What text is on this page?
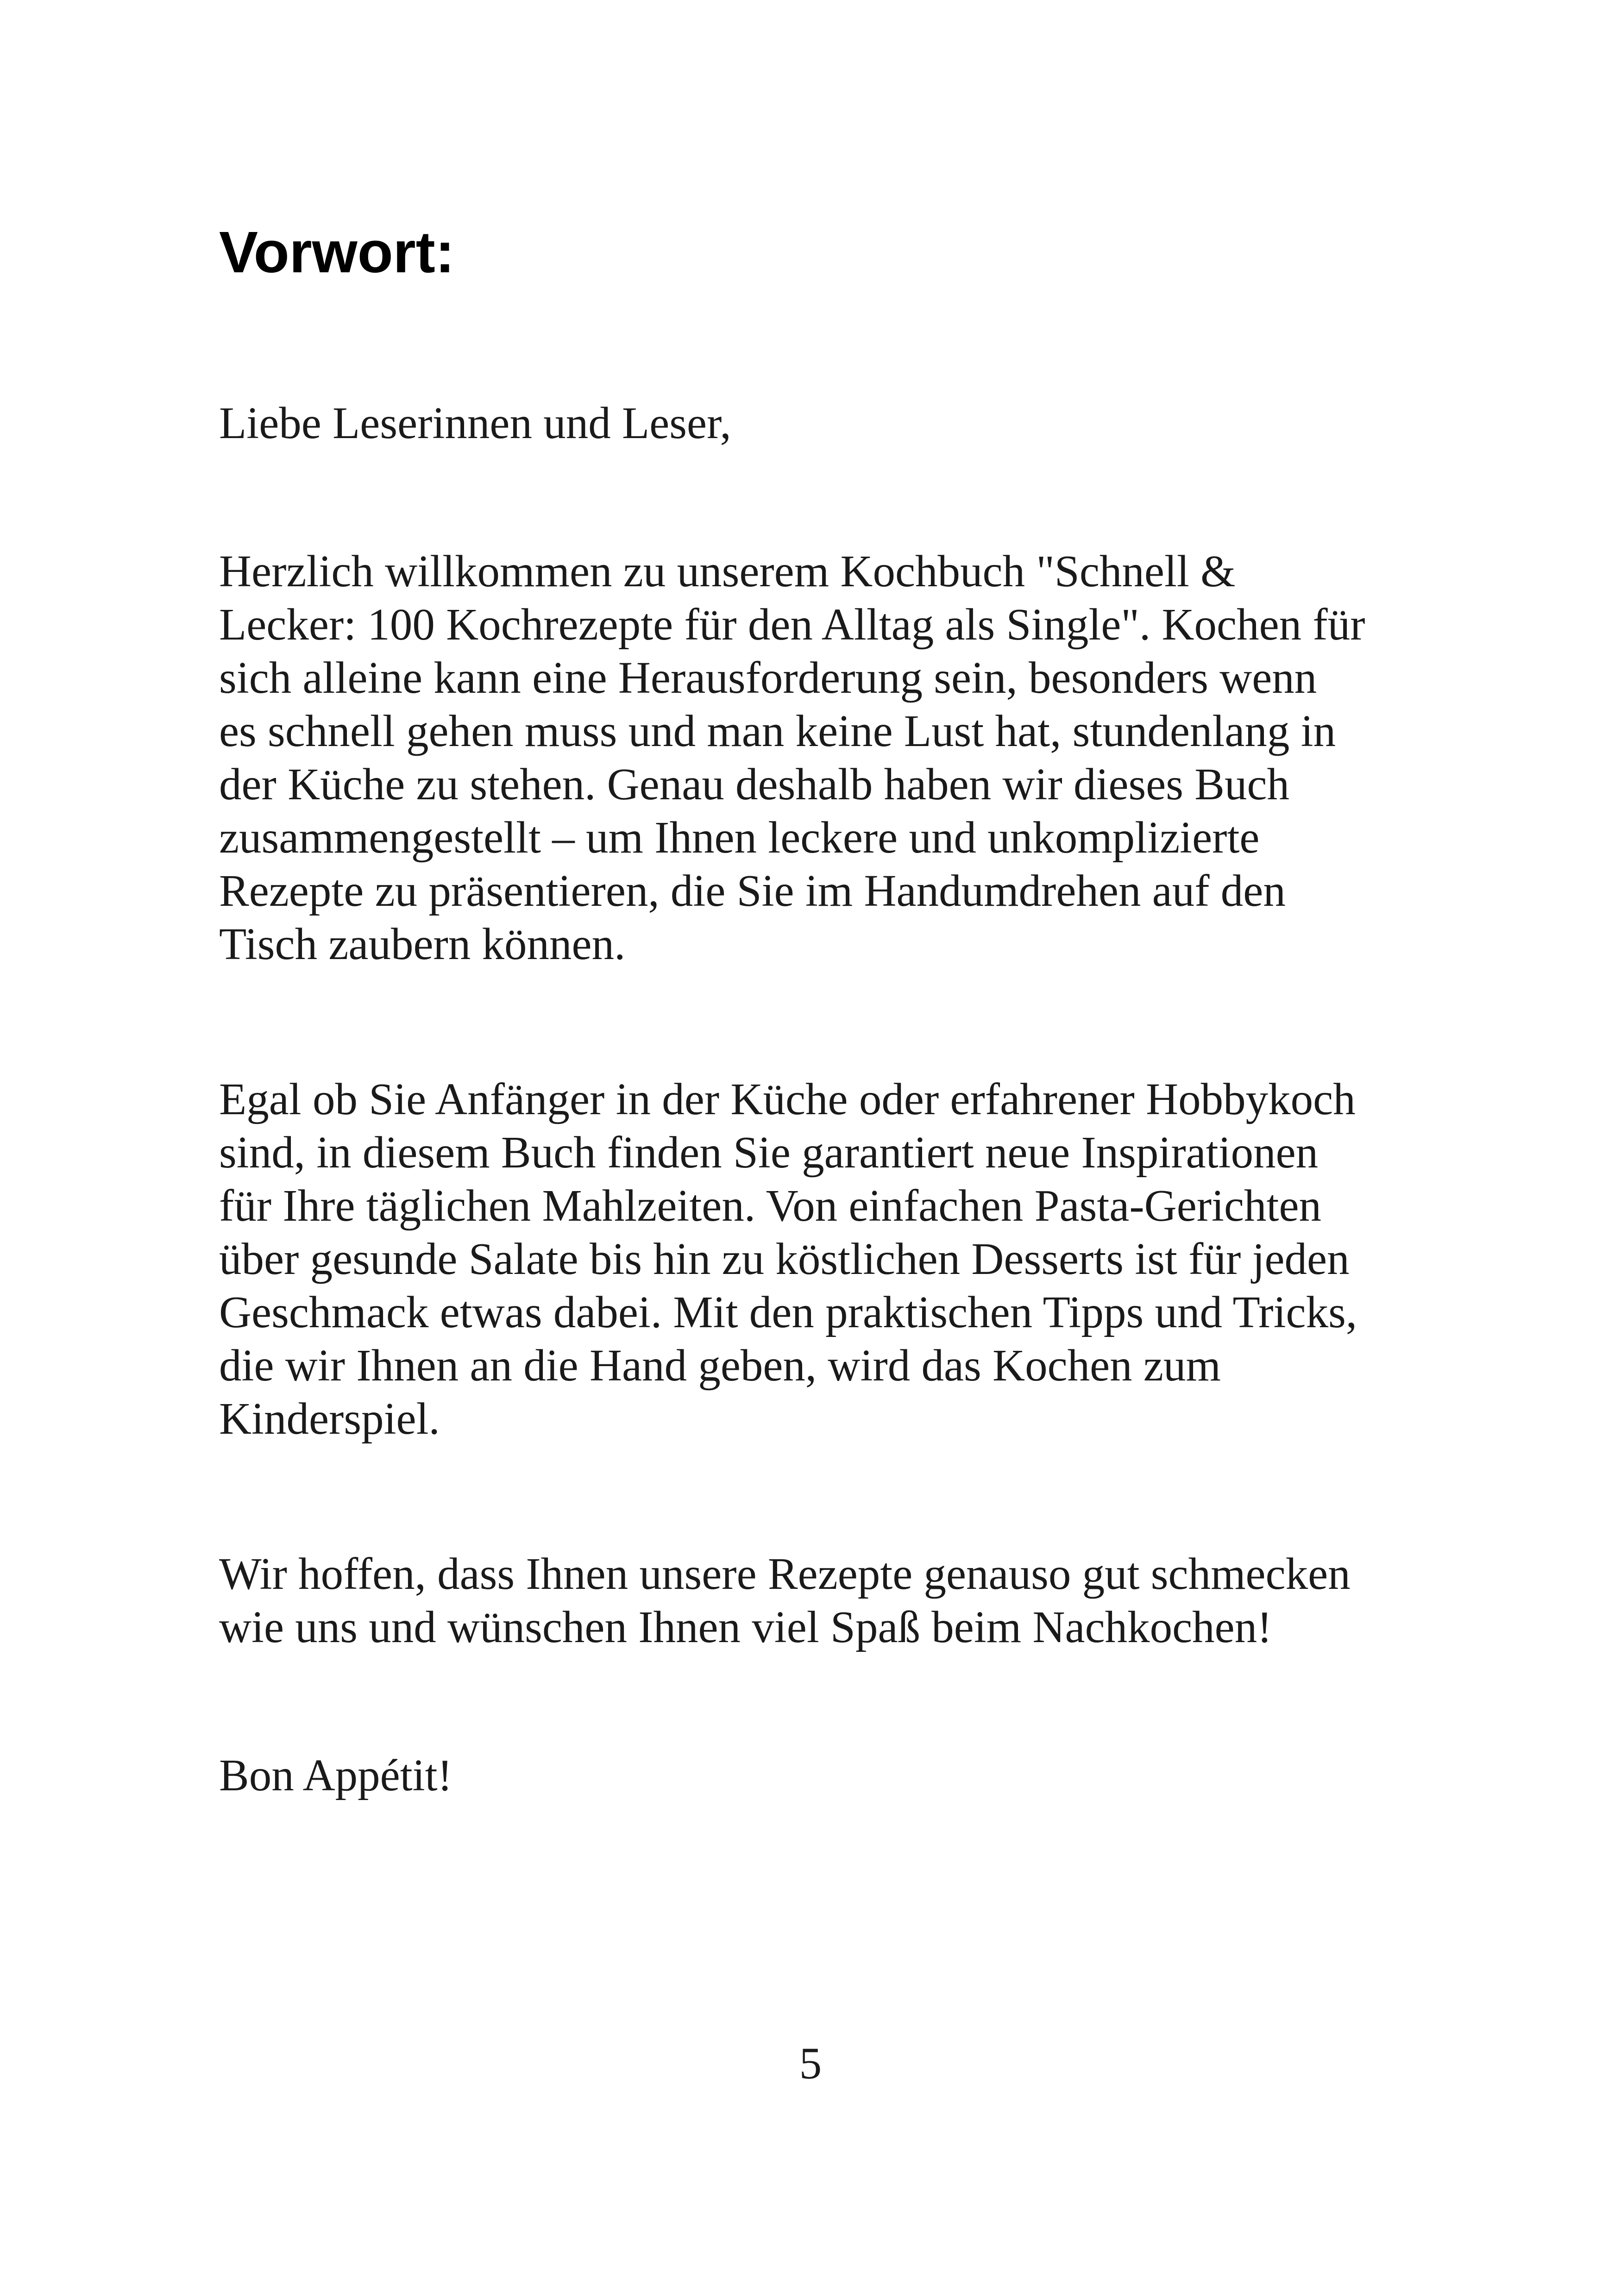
Vorwort:

Liebe Leserinnen und Leser,

Herzlich willkommen zu unserem Kochbuch "Schnell &

Lecker: 100 Kochrezepte für den Alltag als Single". Kochen für

sich alleine kann eine Herausforderung sein, besonders wenn

es schnell gehen muss und man keine Lust hat, stundenlang in

der Küche zu stehen. Genau deshalb haben wir dieses Buch

zusammengestellt – um Ihnen leckere und unkomplizierte

Rezepte zu präsentieren, die Sie im Handumdrehen auf den

Tisch zaubern können.

Egal ob Sie Anfänger in der Küche oder erfahrener Hobbykoch

sind, in diesem Buch finden Sie garantiert neue Inspirationen

für Ihre täglichen Mahlzeiten. Von einfachen Pasta-Gerichten

über gesunde Salate bis hin zu köstlichen Desserts ist für jeden

Geschmack etwas dabei. Mit den praktischen Tipps und Tricks,

die wir Ihnen an die Hand geben, wird das Kochen zum

Kinderspiel.

Wir hoffen, dass Ihnen unsere Rezepte genauso gut schmecken

wie uns und wünschen Ihnen viel Spaß beim Nachkochen!

Bon Appétit!

5
